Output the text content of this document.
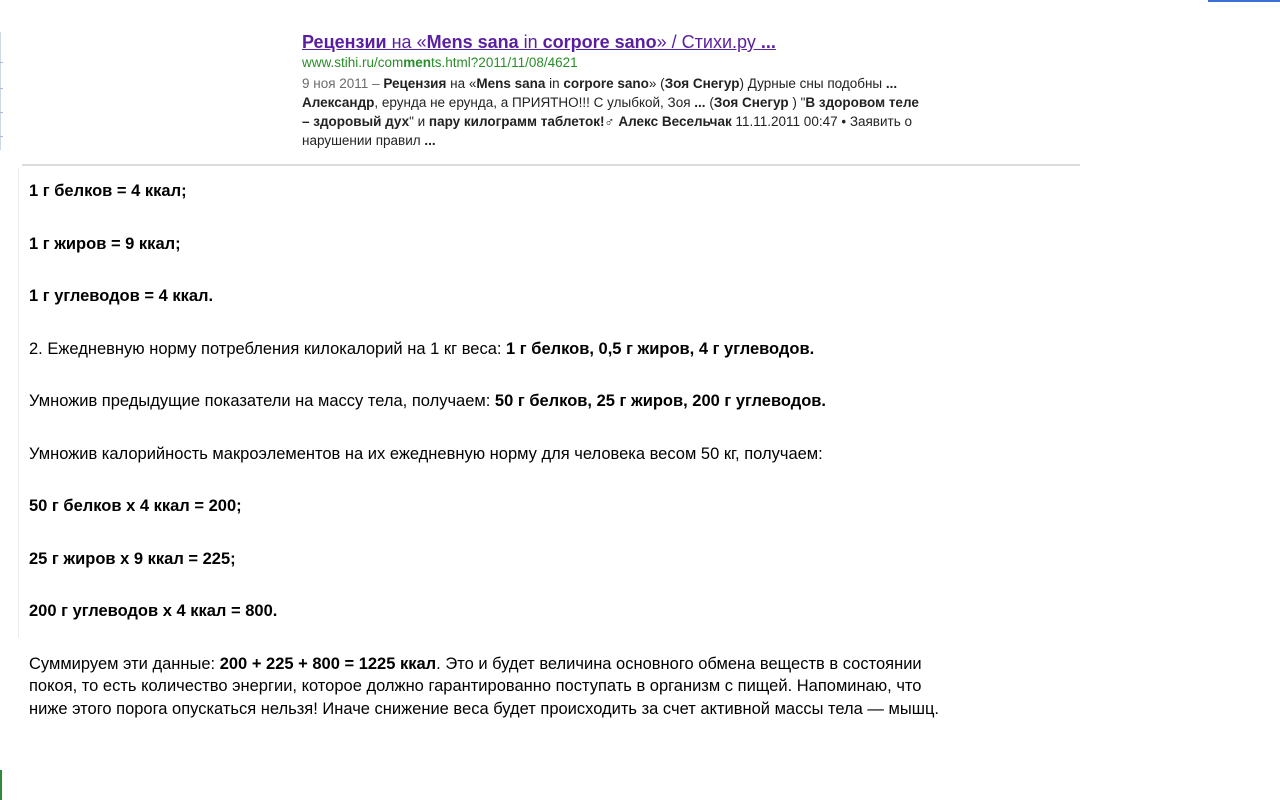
Рецензии на «Mens sana in corpore sano» / Стихи.ру ...
www.stihi.ru/comments.html?2011/11/08/4621
9 ноя 2011 – Рецензия на «Mens sana in corpore sano» (Зоя Снегур) Дурные сны подобны ... Александр, ерунда не ерунда, а ПРИЯТНО!!! С улыбкой, Зоя ... (Зоя Снегур ) "В здоровом теле – здоровый дух" и пару килограмм таблеток!♂ Алекс Весельчак 11.11.2011 00:47 • Заявить о нарушении правил ...

1 г белков = 4 ккал;

1 г жиров = 9 ккал;

1 г углеводов = 4 ккал.

2. Ежедневную норму потребления килокалорий на 1 кг веса: 1 г белков, 0,5 г жиров, 4 г углеводов.

Умножив предыдущие показатели на массу тела, получаем: 50 г белков, 25 г жиров, 200 г углеводов.

Умножив калорийность макроэлементов на их ежедневную норму для человека весом 50 кг, получаем:

50 г белков х 4 ккал = 200;

25 г жиров х 9 ккал = 225;

200 г углеводов х 4 ккал = 800.

Суммируем эти данные: 200 + 225 + 800 = 1225 ккал. Это и будет величина основного обмена веществ в состоянии покоя, то есть количество энергии, которое должно гарантированно поступать в организм с пищей. Напоминаю, что ниже этого порога опускаться нельзя! Иначе снижение веса будет происходить за счет активной массы тела — мышц.
